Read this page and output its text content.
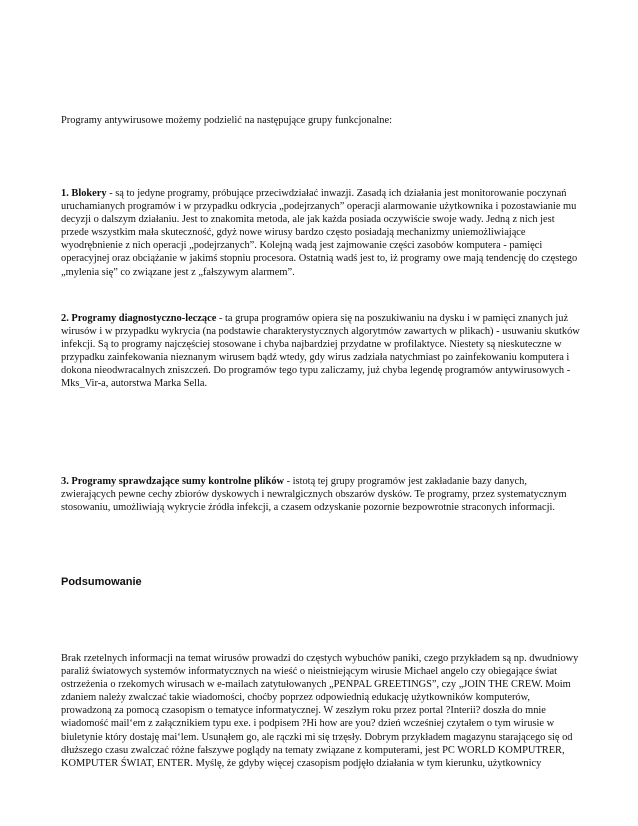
Programy antywirusowe możemy podzielić na następujące grupy funkcjonalne:

1. Blokery - są to jedyne programy, próbujące przeciwdziałać inwazji. Zasadą ich działania jest monitorowanie poczynań uruchamianych programów i w przypadku odkrycia „podejrzanych” operacji alarmowanie użytkownika i pozostawianie mu decyzji o dalszym działaniu. Jest to znakomita metoda, ale jak każda posiada oczywiście swoje wady. Jedną z nich jest przede wszystkim mała skuteczność, gdyż nowe wirusy bardzo często posiadają mechanizmy uniemożliwiające wyodrębnienie z nich operacji „podejrzanych”. Kolejną wadą jest zajmowanie części zasobów komputera - pamięci operacyjnej oraz obciążanie w jakimś stopniu procesora. Ostatnią wadś jest to, iż programy owe mają tendencję do częstego „mylenia się” co związane jest z „fałszywym alarmem”.

2. Programy diagnostyczno-leczące - ta grupa programów opiera się na poszukiwaniu na dysku i w pamięci znanych już wirusów i w przypadku wykrycia (na podstawie charakterystycznych algorytmów zawartych w plikach) - usuwaniu skutków infekcji. Są to programy najczęściej stosowane i chyba najbardziej przydatne w profilaktyce. Niestety są nieskuteczne w przypadku zainfekowania nieznanym wirusem bądź wtedy, gdy wirus zadziała natychmiast po zainfekowaniu komputera i dokona nieodwracalnych zniszczeń. Do programów tego typu zaliczamy, już chyba legendę programów antywirusowych - Mks_Vir-a, autorstwa Marka Sella.

3. Programy sprawdzające sumy kontrolne plików - istotą tej grupy programów jest zakładanie bazy danych, zwierających pewne cechy zbiorów dyskowych i newralgicznych obszarów dysków. Te programy, przez systematycznym stosowaniu, umożliwiają wykrycie źródła infekcji, a czasem odzyskanie pozornie bezpowrotnie straconych informacji.

Podsumowanie

Brak rzetelnych informacji na temat wirusów prowadzi do częstych wybuchów paniki, czego przykładem są np. dwudniowy paraliż światowych systemów informatycznych na wieść o nieistniejącym wirusie Michael angelo czy obiegające świat ostrzeżenia o rzekomych wirusach w e-mailach zatytułowanych „PENPAL GREETINGS”, czy „JOIN THE CREW. Moim zdaniem należy zwalczać takie wiadomości, choćby poprzez odpowiednią edukację użytkowników komputerów, prowadzoną za pomocą czasopism o tematyce informatycznej. W zeszłym roku przez portal ?Interii? doszła do mnie wiadomość mail‘em z załącznikiem typu exe. i podpisem ?Hi how are you? dzień wcześniej czytałem o tym wirusie w biuletynie który dostaję mai‘lem. Usunąłem go, ale rączki mi się trzęsły. Dobrym przykładem magazynu starającego się od dłuższego czasu zwalczać różne fałszywe poglądy na tematy związane z komputerami, jest PC WORLD KOMPUTRER, KOMPUTER ŚWIAT, ENTER. Myślę, że gdyby więcej czasopism podjęło działania w tym kierunku, użytkownicy
